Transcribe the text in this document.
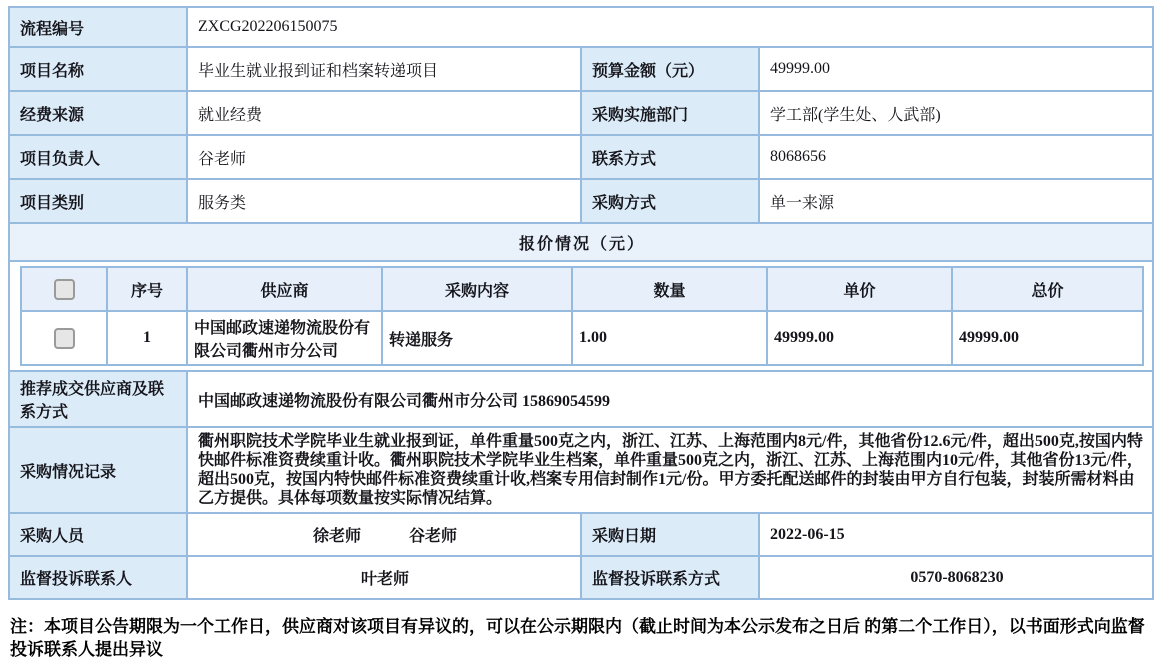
流程编号	ZXCG202206150075
项目名称	毕业生就业报到证和档案转递项目	预算金额（元）	49999.00
经费来源	就业经费	采购实施部门	学工部(学生处、人武部)
项目负责人	谷老师	联系方式	8068656
项目类别	服务类	采购方式	单一来源
报价情况（元）

	序号	供应商	采购内容	数量	单价	总价
	1	中国邮政速递物流股份有限公司衢州市分公司	转递服务	1.00	49999.00	49999.00

推荐成交供应商及联系方式	中国邮政速递物流股份有限公司衢州市分公司 15869054599
采购情况记录	衢州职院技术学院毕业生就业报到证，单件重量500克之内，浙江、江苏、上海范围内8元/件，其他省份12.6元/件，超出500克,按国内特快邮件标准资费续重计收。衢州职院技术学院毕业生档案，单件重量500克之内，浙江、江苏、上海范围内10元/件，其他省份13元/件，超出500克，按国内特快邮件标准资费续重计收,档案专用信封制作1元/份。甲方委托配送邮件的封装由甲方自行包装，封装所需材料由乙方提供。具体每项数量按实际情况结算。
采购人员	徐老师　　　谷老师	采购日期	2022-06-15
监督投诉联系人	叶老师	监督投诉联系方式	0570-8068230
注：本项目公告期限为一个工作日，供应商对该项目有异议的，可以在公示期限内（截止时间为本公示发布之日后 的第二个工作日），以书面形式向监督投诉联系人提出异议
